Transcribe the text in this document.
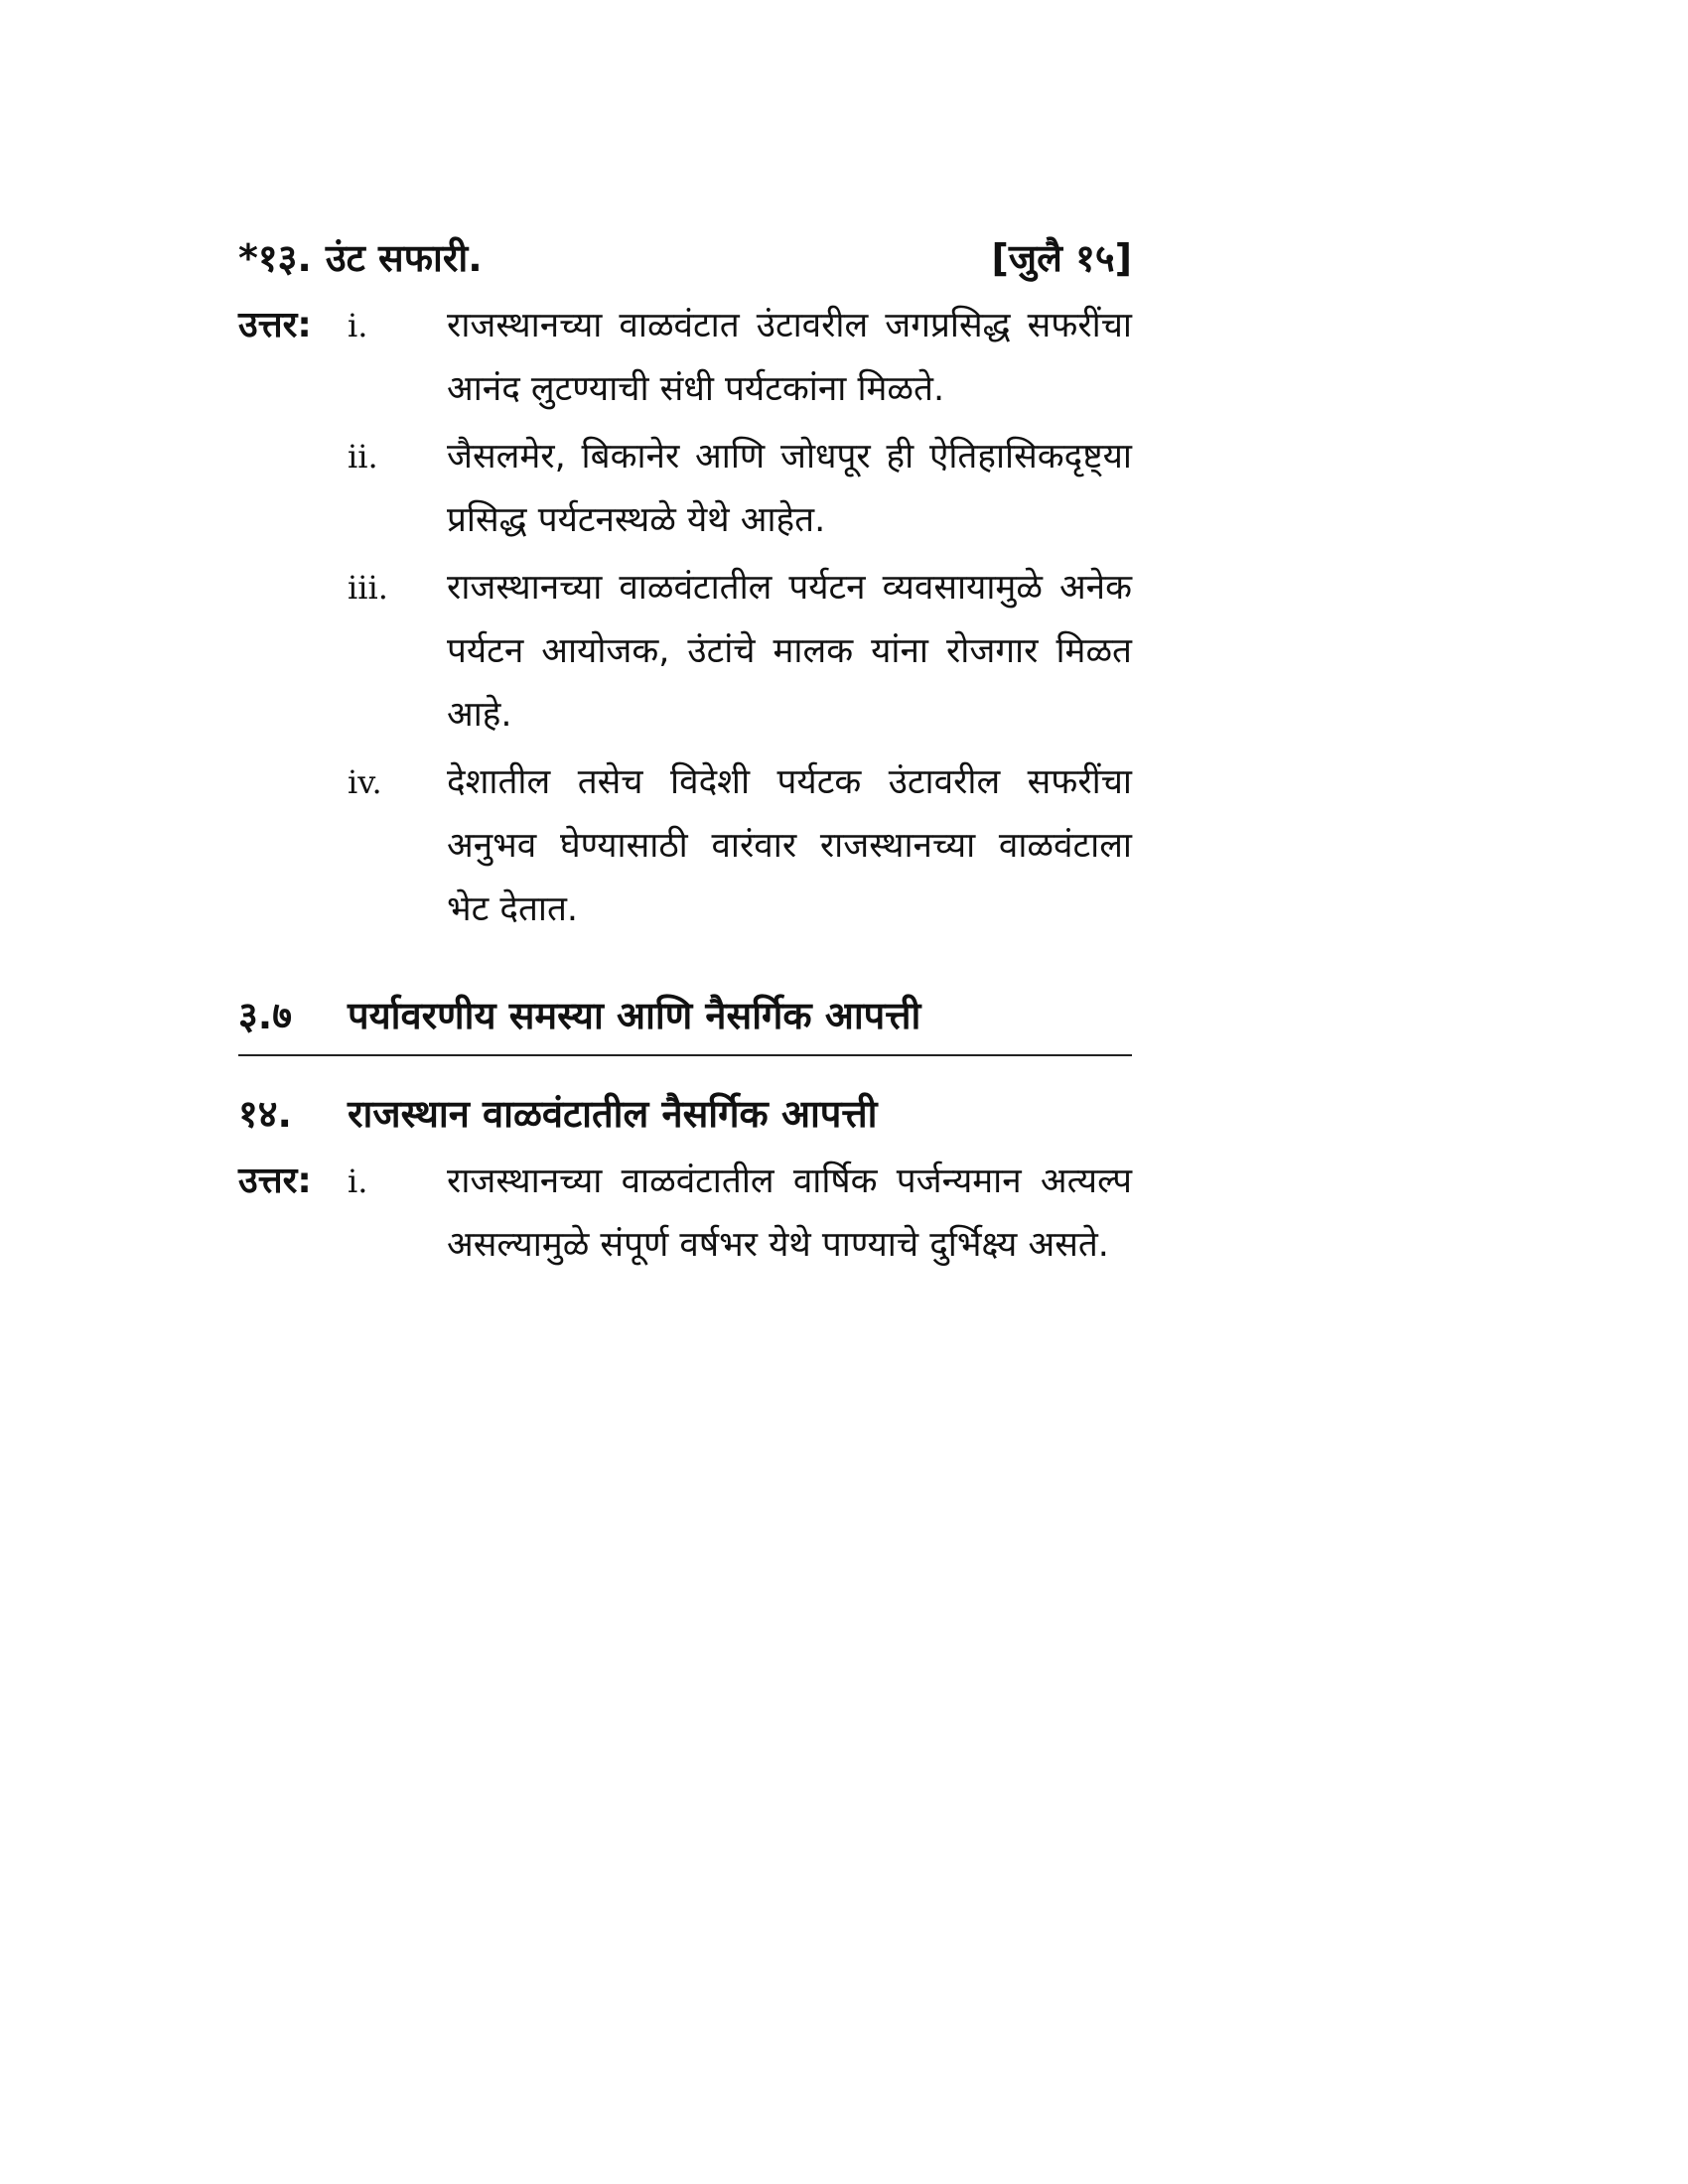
*१३. उंट सफारी.	[जुलै १५]
उत्तर:	i.	राजस्थानच्या वाळवंटात उंटावरील जगप्रसिद्ध सफरींचा आनंद लुटण्याची संधी पर्यटकांना मिळते.
ii.	जैसलमेर, बिकानेर आणि जोधपूर ही ऐतिहासिकदृष्ट्या प्रसिद्ध पर्यटनस्थळे येथे आहेत.
iii.	राजस्थानच्या वाळवंटातील पर्यटन व्यवसायामुळे अनेक पर्यटन आयोजक, उंटांचे मालक यांना रोजगार मिळत आहे.
iv.	देशातील तसेच विदेशी पर्यटक उंटावरील सफरींचा अनुभव घेण्यासाठी वारंवार राजस्थानच्या वाळवंटाला भेट देतात.
३.७	पर्यावरणीय समस्या आणि नैसर्गिक आपत्ती
१४.	राजस्थान वाळवंटातील नैसर्गिक आपत्ती
उत्तर:	i.	राजस्थानच्या वाळवंटातील वार्षिक पर्जन्यमान अत्यल्प असल्यामुळे संपूर्ण वर्षभर येथे पाण्याचे दुर्भिक्ष्य असते.
